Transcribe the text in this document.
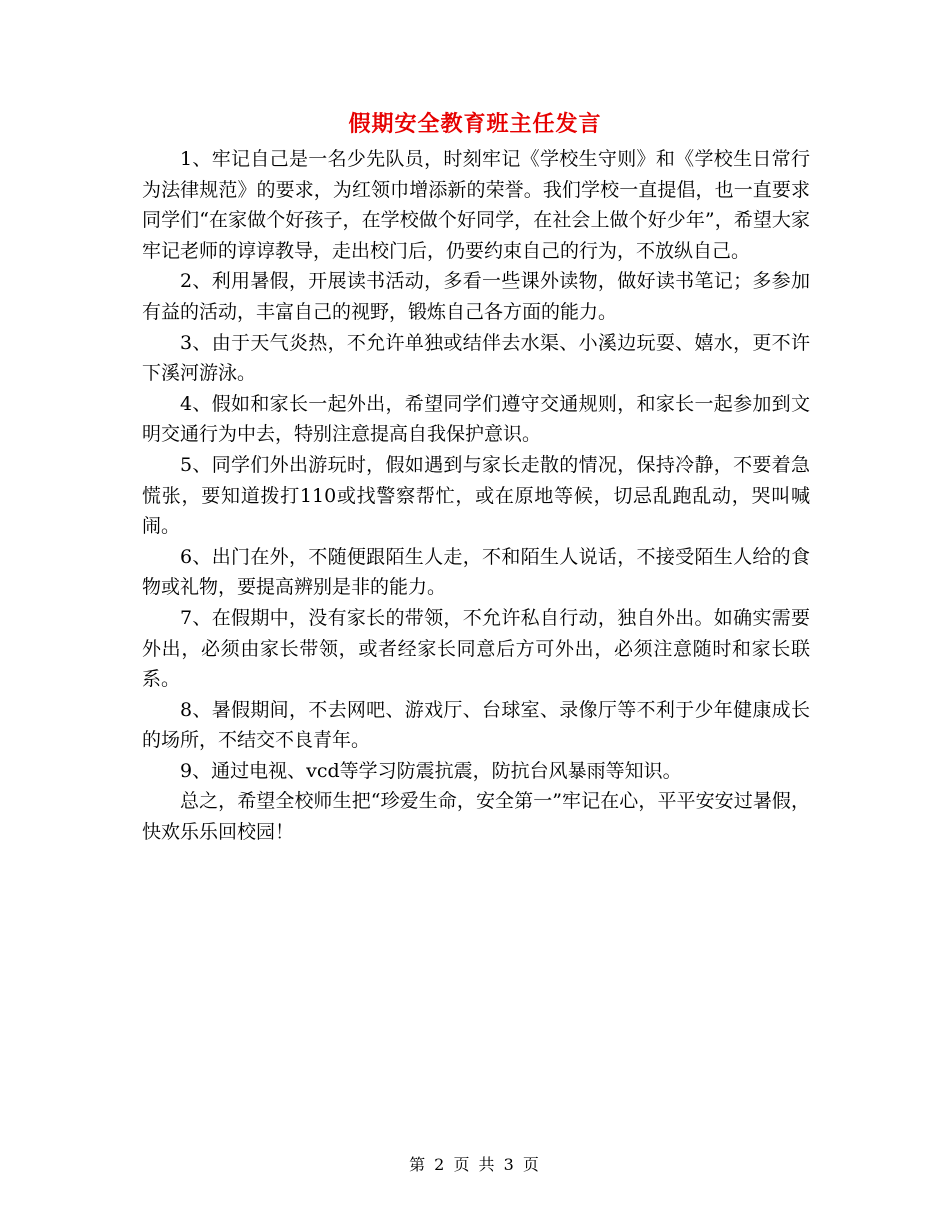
假期安全教育班主任发言

1、牢记自己是一名少先队员，时刻牢记《学校生守则》和《学校生日常行为法律规范》的要求，为红领巾增添新的荣誉。我们学校一直提倡，也一直要求同学们“在家做个好孩子，在学校做个好同学，在社会上做个好少年”，希望大家牢记老师的谆谆教导，走出校门后，仍要约束自己的行为，不放纵自己。

2、利用暑假，开展读书活动，多看一些课外读物，做好读书笔记；多参加有益的活动，丰富自己的视野，锻炼自己各方面的能力。

3、由于天气炎热，不允许单独或结伴去水渠、小溪边玩耍、嬉水，更不许下溪河游泳。

4、假如和家长一起外出，希望同学们遵守交通规则，和家长一起参加到文明交通行为中去，特别注意提高自我保护意识。

5、同学们外出游玩时，假如遇到与家长走散的情况，保持冷静，不要着急慌张，要知道拨打110或找警察帮忙，或在原地等候，切忌乱跑乱动，哭叫喊闹。

6、出门在外，不随便跟陌生人走，不和陌生人说话，不接受陌生人给的食物或礼物，要提高辨别是非的能力。

7、在假期中，没有家长的带领，不允许私自行动，独自外出。如确实需要外出，必须由家长带领，或者经家长同意后方可外出，必须注意随时和家长联系。

8、暑假期间，不去网吧、游戏厅、台球室、录像厅等不利于少年健康成长的场所，不结交不良青年。

9、通过电视、vcd等学习防震抗震，防抗台风暴雨等知识。

总之，希望全校师生把“珍爱生命，安全第一”牢记在心，平平安安过暑假，快欢乐乐回校园！

第 2 页 共 3 页
